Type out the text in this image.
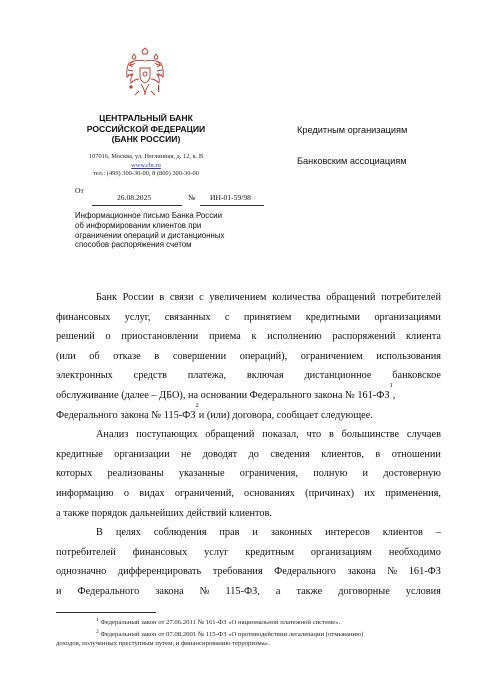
ЦЕНТРАЛЬНЫЙ БАНК
РОССИЙСКОЙ ФЕДЕРАЦИИ
(БАНК РОССИИ)
107016, Москва, ул. Неглинная, д. 12, к. В
www.cbr.ru
тел.: (499) 300-30-00, 8 (800) 300-30-00
Кредитным организациям
Банковским ассоциациям
От
26.08.2025	№ ИН-01-59/98
Информационное письмо Банка России
об информировании клиентов при
ограничении операций и дистанционных
способов распоряжения счетом
Банк России в связи с увеличением количества обращений потребителей
финансовых услуг, связанных с принятием кредитными организациями
решений о приостановлении приема к исполнению распоряжений клиента
(или об отказе в совершении операций), ограничением использования
электронных средств платежа, включая дистанционное банковское
обслуживание (далее – ДБО), на основании Федерального закона № 161-ФЗ
1
,
Федерального закона № 115-ФЗ
2
и (или) договора, сообщает следующее.
Анализ поступающих обращений показал, что в большинстве случаев
кредитные организации не доводят до сведения клиентов, в отношении
которых реализованы указанные ограничения, полную и достоверную
информацию о видах ограничений, основаниях (причинах) их применения,
а также порядок дальнейших действий клиентов.
В целях соблюдения прав и законных интересов клиентов –
потребителей финансовых услуг кредитным организациям необходимо
однозначно дифференцировать требования Федерального закона № 161-ФЗ
и Федерального закона № 115-ФЗ, а также договорные условия
$^1$ Федеральный закон от 27.06.2011 № 161-ФЗ «О национальной платежной системе».
$^2$ Федеральный закон от 07.08.2001 № 115-ФЗ «О противодействии легализации (отмыванию)
доходов, полученных преступным путем, и финансированию терроризма».
